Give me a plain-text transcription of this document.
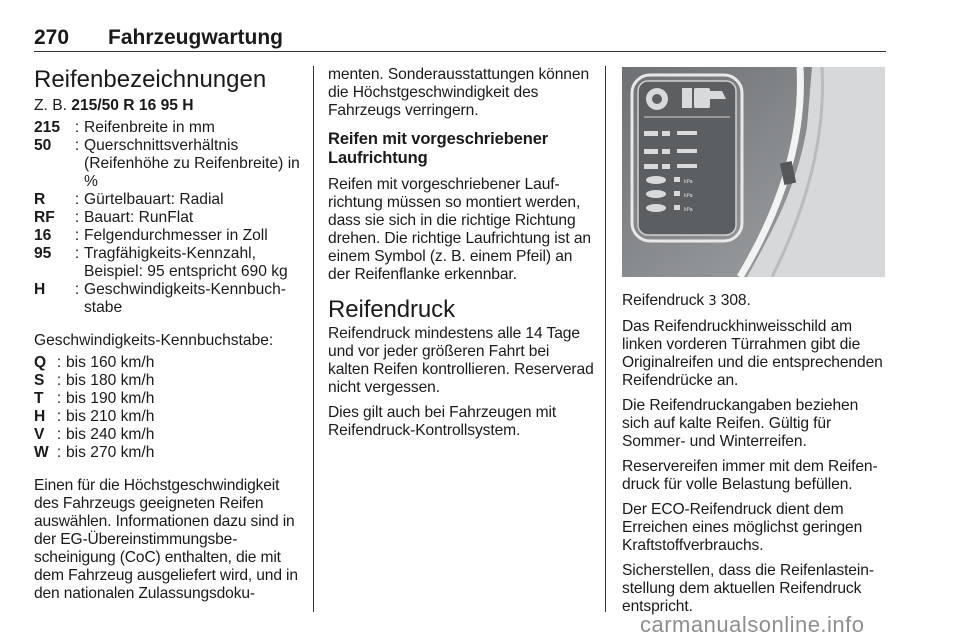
270 Fahrzeugwartung
Reifenbezeichnungen
Z. B. 215/50 R 16 95 H
215 : Reifenbreite in mm
50	: Querschnittsverhältnis (Reifenhöhe zu Reifenbreite) in %
R	: Gürtelbauart: Radial
RF	: Bauart: RunFlat
16	: Felgendurchmesser in Zoll
95	: Tragfähigkeits-Kennzahl, Beispiel: 95 entspricht 690 kg
H	: Geschwindigkeits-Kennbuchstabe
Geschwindigkeits-Kennbuchstabe:
Q : bis 160 km/h
S : bis 180 km/h
T : bis 190 km/h
H : bis 210 km/h
V : bis 240 km/h
W : bis 270 km/h
Einen für die Höchstgeschwindigkeit des Fahrzeugs geeigneten Reifen auswählen. Informationen dazu sind in der EG-Übereinstimmungsbescheinigung (CoC) enthalten, die mit dem Fahrzeug ausgeliefert wird, und in den nationalen Zulassungsdoku-

menten. Sonderausstattungen können die Höchstgeschwindigkeit des Fahrzeugs verringern.

Reifen mit vorgeschriebener Laufrichtung

Reifen mit vorgeschriebener Laufrichtung müssen so montiert werden, dass sie sich in die richtige Richtung drehen. Die richtige Laufrichtung ist an einem Symbol (z. B. einem Pfeil) an der Reifenflanke erkennbar.

Reifendruck

Reifendruck mindestens alle 14 Tage und vor jeder größeren Fahrt bei kalten Reifen kontrollieren. Reserverad nicht vergessen.

Dies gilt auch bei Fahrzeugen mit Reifendruck-Kontrollsystem.

kPa
kPa
kPa
kPa
kPa
kPa

Reifendruck 3 308.

Das Reifendruckhinweisschild am linken vorderen Türrahmen gibt die Originalreifen und die entsprechenden Reifendrücke an.

Die Reifendruckangaben beziehen sich auf kalte Reifen. Gültig für Sommer- und Winterreifen.

Reservereifen immer mit dem Reifendruck für volle Belastung befüllen.

Der ECO-Reifendruck dient dem Erreichen eines möglichst geringen Kraftstoffverbrauchs.

Sicherstellen, dass die Reifenlasteinstellung dem aktuellen Reifendruck entspricht.

carmanualsonline.info
